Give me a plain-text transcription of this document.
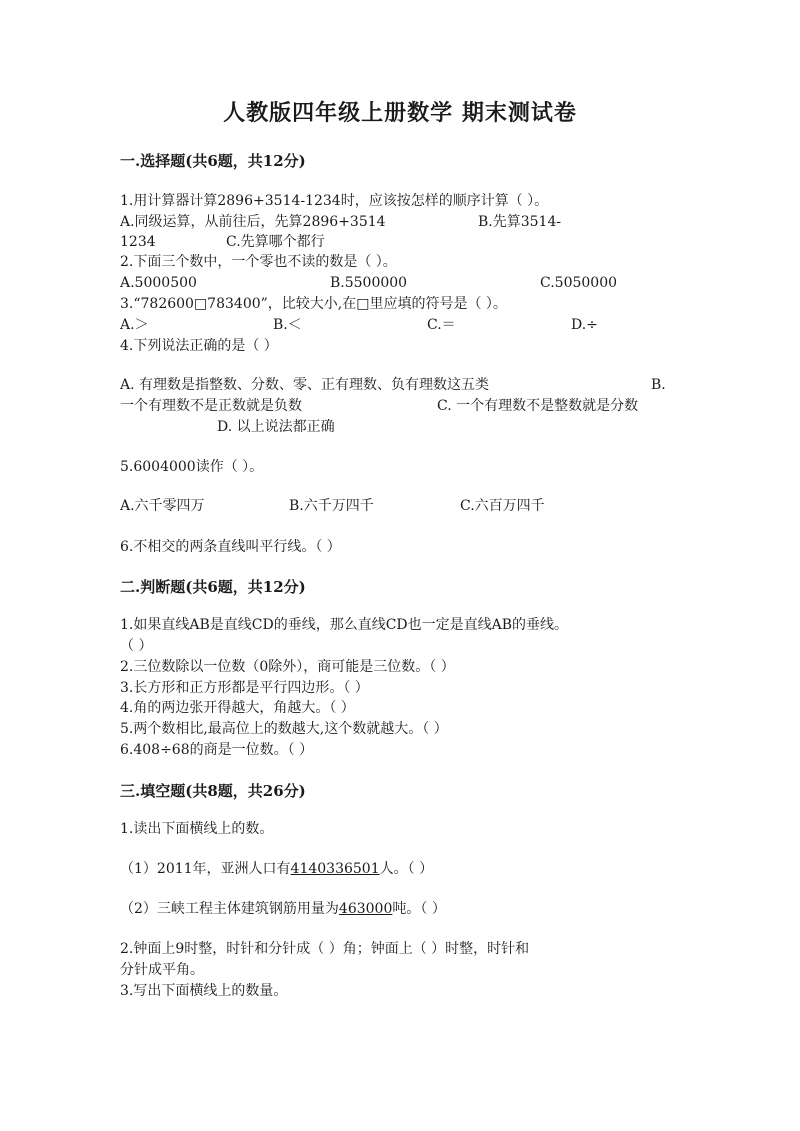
人教版四年级上册数学 期末测试卷
一.选择题(共6题，共12分)
1.用计算器计算2896+3514-1234时，应该按怎样的顺序计算（ ）。
A.同级运算，从前往后，先算2896+3514	B.先算3514-
1234	C.先算哪个都行
2.下面三个数中，一个零也不读的数是（ ）。
A.5000500	B.5500000	C.5050000
3.“782600□783400”，比较大小,在□里应填的符号是（ ）。
A.＞	B.＜	C.＝	D.÷
4.下列说法正确的是（ ）
A. 有理数是指整数、分数、零、正有理数、负有理数这五类	B.
一个有理数不是正数就是负数	C. 一个有理数不是整数就是分数
D. 以上说法都正确
5.6004000读作（ ）。
A.六千零四万	B.六千万四千	C.六百万四千
6.不相交的两条直线叫平行线。（ ）
二.判断题(共6题，共12分)
1.如果直线AB是直线CD的垂线，那么直线CD也一定是直线AB的垂线。
（ ）
2.三位数除以一位数（0除外），商可能是三位数。（ ）
3.长方形和正方形都是平行四边形。（ ）
4.角的两边张开得越大，角越大。（ ）
5.两个数相比,最高位上的数越大,这个数就越大。（ ）
6.408÷68的商是一位数。（ ）
三.填空题(共8题，共26分)
1.读出下面横线上的数。
（1）2011年，亚洲人口有4140336501人。（ ）
（2）三峡工程主体建筑钢筋用量为463000吨。（ ）
2.钟面上9时整，时针和分针成（ ）角；钟面上（ ）时整，时针和
分针成平角。
3.写出下面横线上的数量。
